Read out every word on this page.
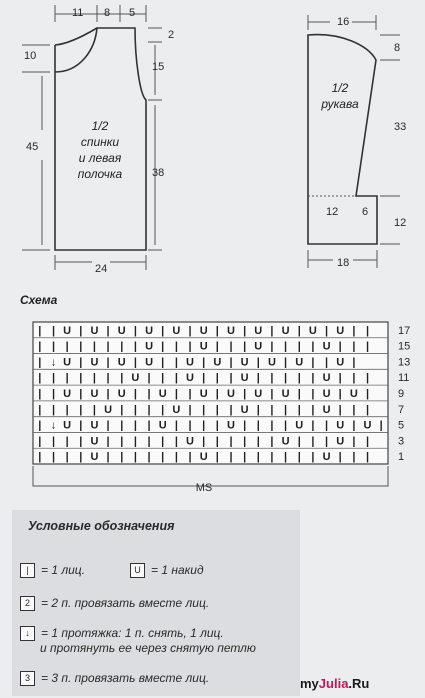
11 8 5
2
15
38
10
45
24
1/2
спинки
и левая
полочка
16
8
33
12
12 6
18
1/2
рукава
Схема
| | U | U | U | U | U | U | U | U | U | U | U | |
| | | | | | | | U | | | U | | | U | | | | U | | |
| ↓ U | U | U | U | | U | U | U | U | U | | U |
| | | | | | | U | | | U | | | U | | | | | U | | |
| | U | U | U | | U | | U | U | U | U | | U | U |
| | | | | U | | | | U | | | | U | | | | | U | | |
| ↓ U | U | | | | U | | | | U | | | | U | | U | U |
| | | | U | | | | | | U | | | | | | U | | | U | |
| | | | U | | | | | | | U | | | | | | | | U | | |
17
15
13
11
9
7
5
3
1
MS
Условные обозначения
| = 1 лиц.	U = 1 накид
2 = 2 п. провязать вместе лиц.
↓ = 1 протяжка: 1 п. снять, 1 лиц.
и протянуть ее через снятую петлю
3 = 3 п. провязать вместе лиц.	myJulia.Ru
